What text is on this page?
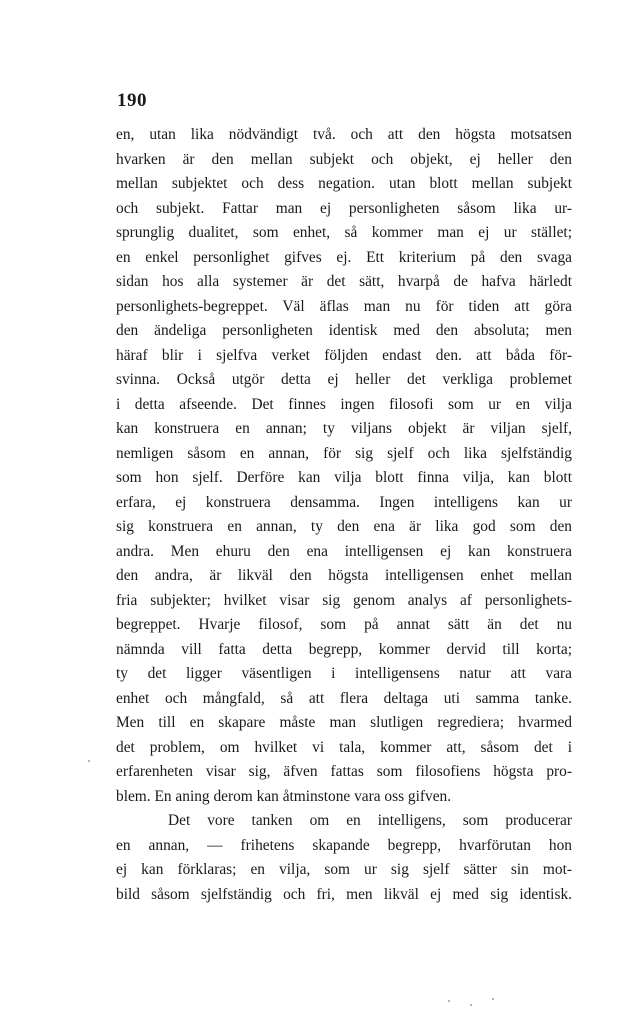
190
en, utan lika nödvändigt två. och att den högsta motsatsen
hvarken är den mellan subjekt och objekt, ej heller den
mellan subjektet och dess negation. utan blott mellan subjekt
och subjekt. Fattar man ej personligheten såsom lika ur-
sprunglig dualitet, som enhet, så kommer man ej ur stället;
en enkel personlighet gifves ej. Ett kriterium på den svaga
sidan hos alla systemer är det sätt, hvarpå de hafva härledt
personlighets-begreppet. Väl äflas man nu för tiden att göra
den ändeliga personligheten identisk med den absoluta; men
häraf blir i sjelfva verket följden endast den. att båda för-
svinna. Också utgör detta ej heller det verkliga problemet
i detta afseende. Det finnes ingen filosofi som ur en vilja
kan konstruera en annan; ty viljans objekt är viljan sjelf,
nemligen såsom en annan, för sig sjelf och lika sjelfständig
som hon sjelf. Derföre kan vilja blott finna vilja, kan blott
erfara, ej konstruera densamma. Ingen intelligens kan ur
sig konstruera en annan, ty den ena är lika god som den
andra. Men ehuru den ena intelligensen ej kan konstruera
den andra, är likväl den högsta intelligensen enhet mellan
fria subjekter; hvilket visar sig genom analys af personlighets-
begreppet. Hvarje filosof, som på annat sätt än det nu
nämnda vill fatta detta begrepp, kommer dervid till korta;
ty det ligger väsentligen i intelligensens natur att vara
enhet och mångfald, så att flera deltaga uti samma tanke.
Men till en skapare måste man slutligen regrediera; hvarmed
det problem, om hvilket vi tala, kommer att, såsom det i
erfarenheten visar sig, äfven fattas som filosofiens högsta pro-
blem. En aning derom kan åtminstone vara oss gifven.
Det vore tanken om en intelligens, som producerar
en annan, — frihetens skapande begrepp, hvarförutan hon
ej kan förklaras; en vilja, som ur sig sjelf sätter sin mot-
bild såsom sjelfständig och fri, men likväl ej med sig identisk.
